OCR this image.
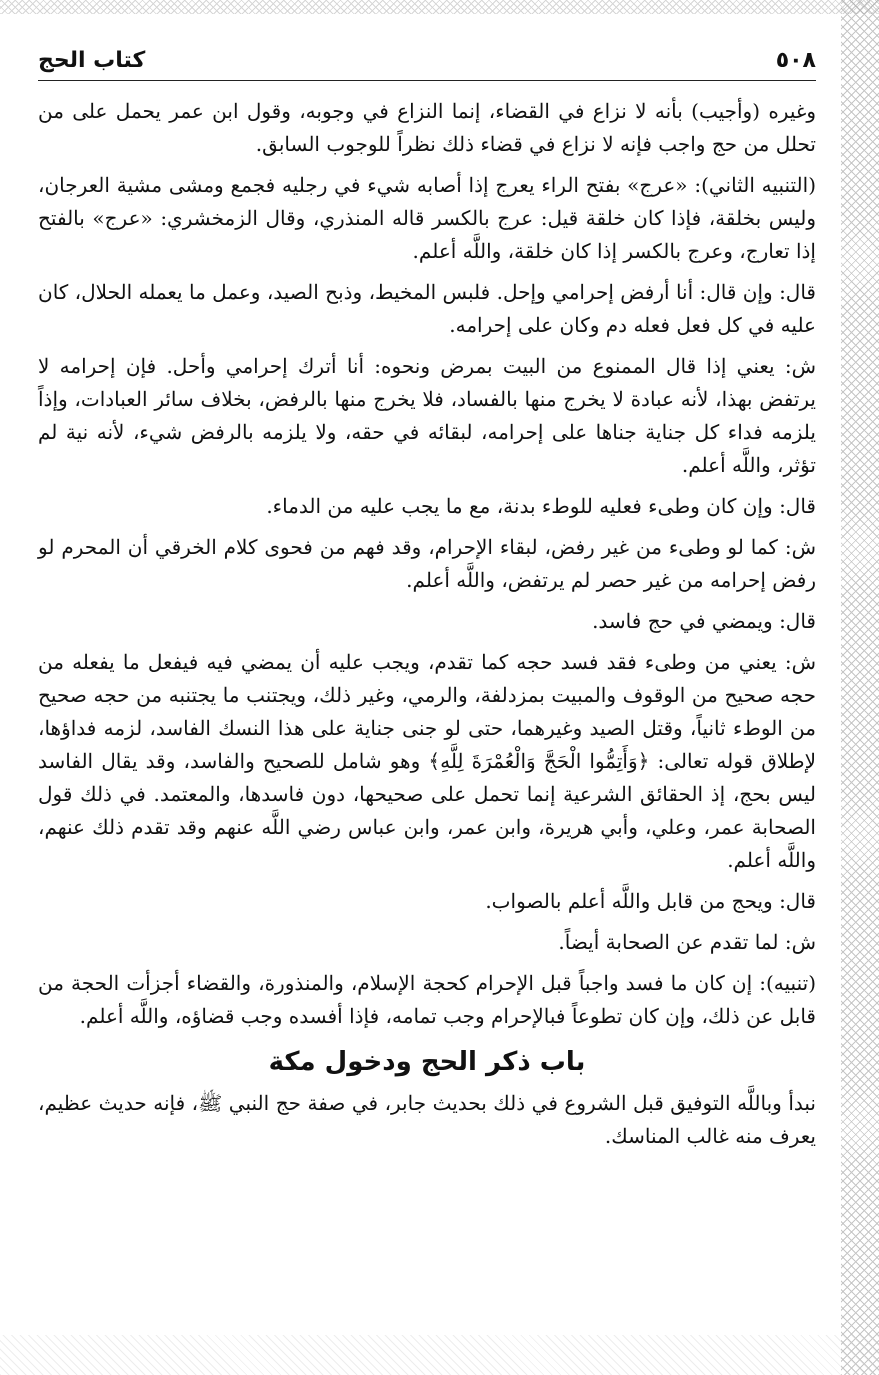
٥٠٨
كتاب الحج

وغيره (وأجيب) بأنه لا نزاع في القضاء، إنما النزاع في وجوبه، وقول ابن عمر يحمل على من تحلل من حج واجب فإنه لا نزاع في قضاء ذلك نظراً للوجوب السابق.

(التنبيه الثاني): «عرج» بفتح الراء يعرج إذا أصابه شيء في رجليه فجمع ومشى مشية العرجان، وليس بخلقة، فإذا كان خلقة قيل: عرج بالكسر قاله المنذري، وقال الزمخشري: «عرج» بالفتح إذا تعارج، وعرج بالكسر إذا كان خلقة، واللَّه أعلم.

قال: وإن قال: أنا أرفض إحرامي وإحل. فلبس المخيط، وذبح الصيد، وعمل ما يعمله الحلال، كان عليه في كل فعل فعله دم وكان على إحرامه.

ش: يعني إذا قال الممنوع من البيت بمرض ونحوه: أنا أترك إحرامي وأحل. فإن إحرامه لا يرتفض بهذا، لأنه عبادة لا يخرج منها بالفساد، فلا يخرج منها بالرفض، بخلاف سائر العبادات، وإذاً يلزمه فداء كل جناية جناها على إحرامه، لبقائه في حقه، ولا يلزمه بالرفض شيء، لأنه نية لم تؤثر، واللَّه أعلم.

قال: وإن كان وطىء فعليه للوطء بدنة، مع ما يجب عليه من الدماء.

ش: كما لو وطىء من غير رفض، لبقاء الإحرام، وقد فهم من فحوى كلام الخرقي أن المحرم لو رفض إحرامه من غير حصر لم يرتفض، واللَّه أعلم.

قال: ويمضي في حج فاسد.

ش: يعني من وطىء فقد فسد حجه كما تقدم، ويجب عليه أن يمضي فيه فيفعل ما يفعله من حجه صحيح من الوقوف والمبيت بمزدلفة، والرمي، وغير ذلك، ويجتنب ما يجتنبه من حجه صحيح من الوطء ثانياً، وقتل الصيد وغيرهما، حتى لو جنى جناية على هذا النسك الفاسد، لزمه فداؤها، لإطلاق قوله تعالى: ﴿وَأَتِمُّوا الْحَجَّ وَالْعُمْرَةَ لِلَّهِ﴾ وهو شامل للصحيح والفاسد، وقد يقال الفاسد ليس بحج، إذ الحقائق الشرعية إنما تحمل على صحيحها، دون فاسدها، والمعتمد. في ذلك قول الصحابة عمر، وعلي، وأبي هريرة، وابن عمر، وابن عباس رضي اللَّه عنهم وقد تقدم ذلك عنهم، واللَّه أعلم.

قال: ويحج من قابل واللَّه أعلم بالصواب.

ش: لما تقدم عن الصحابة أيضاً.

(تنبيه): إن كان ما فسد واجباً قبل الإحرام كحجة الإسلام، والمنذورة، والقضاء أجزأت الحجة من قابل عن ذلك، وإن كان تطوعاً فبالإحرام وجب تمامه، فإذا أفسده وجب قضاؤه، واللَّه أعلم.

باب ذكر الحج ودخول مكة

نبدأ وباللَّه التوفيق قبل الشروع في ذلك بحديث جابر، في صفة حج النبي ﷺ، فإنه حديث عظيم، يعرف منه غالب المناسك.
